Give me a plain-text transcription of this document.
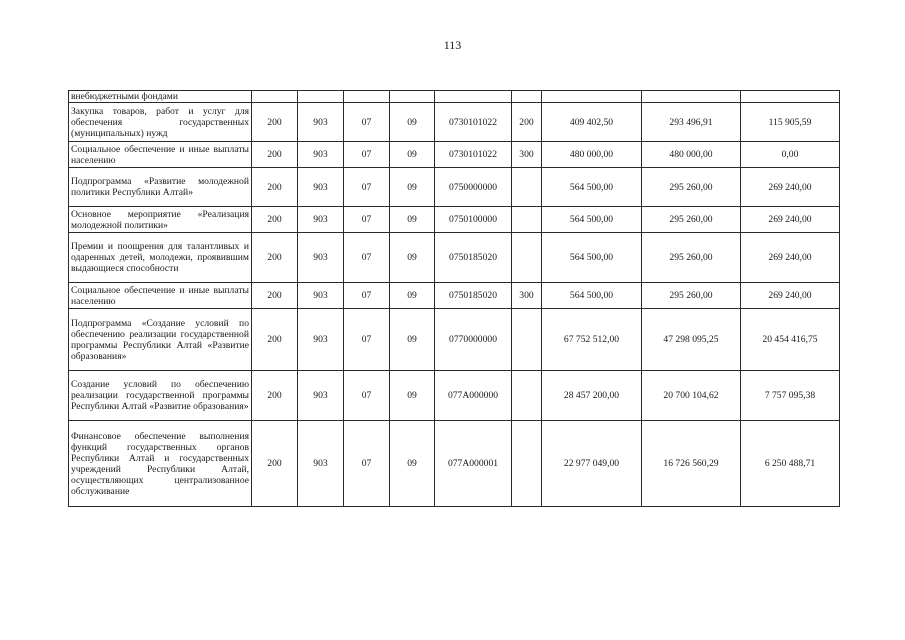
113
внебюджетными фондами									
Закупка товаров, работ и услуг для обеспечения государственных (муниципальных) нужд	200	903	07	09	0730101022	200	409 402,50	293 496,91	115 905,59
Социальное обеспечение и иные выплаты населению	200	903	07	09	0730101022	300	480 000,00	480 000,00	0,00
Подпрограмма «Развитие молодежной политики Республики Алтай»	200	903	07	09	0750000000		564 500,00	295 260,00	269 240,00
Основное мероприятие «Реализация молодежной политики»	200	903	07	09	0750100000		564 500,00	295 260,00	269 240,00
Премии и поощрения для талантливых и одаренных детей, молодежи, проявившим выдающиеся способности	200	903	07	09	0750185020		564 500,00	295 260,00	269 240,00
Социальное обеспечение и иные выплаты населению	200	903	07	09	0750185020	300	564 500,00	295 260,00	269 240,00
Подпрограмма «Создание условий по обеспечению реализации государственной программы Республики Алтай «Развитие образования»	200	903	07	09	0770000000		67 752 512,00	47 298 095,25	20 454 416,75
Создание условий по обеспечению реализации государственной программы Республики Алтай «Развитие образования»	200	903	07	09	077А000000		28 457 200,00	20 700 104,62	7 757 095,38
Финансовое обеспечение выполнения функций государственных органов Республики Алтай и государственных учреждений Республики Алтай, осуществляющих централизованное обслуживание	200	903	07	09	077А000001		22 977 049,00	16 726 560,29	6 250 488,71
